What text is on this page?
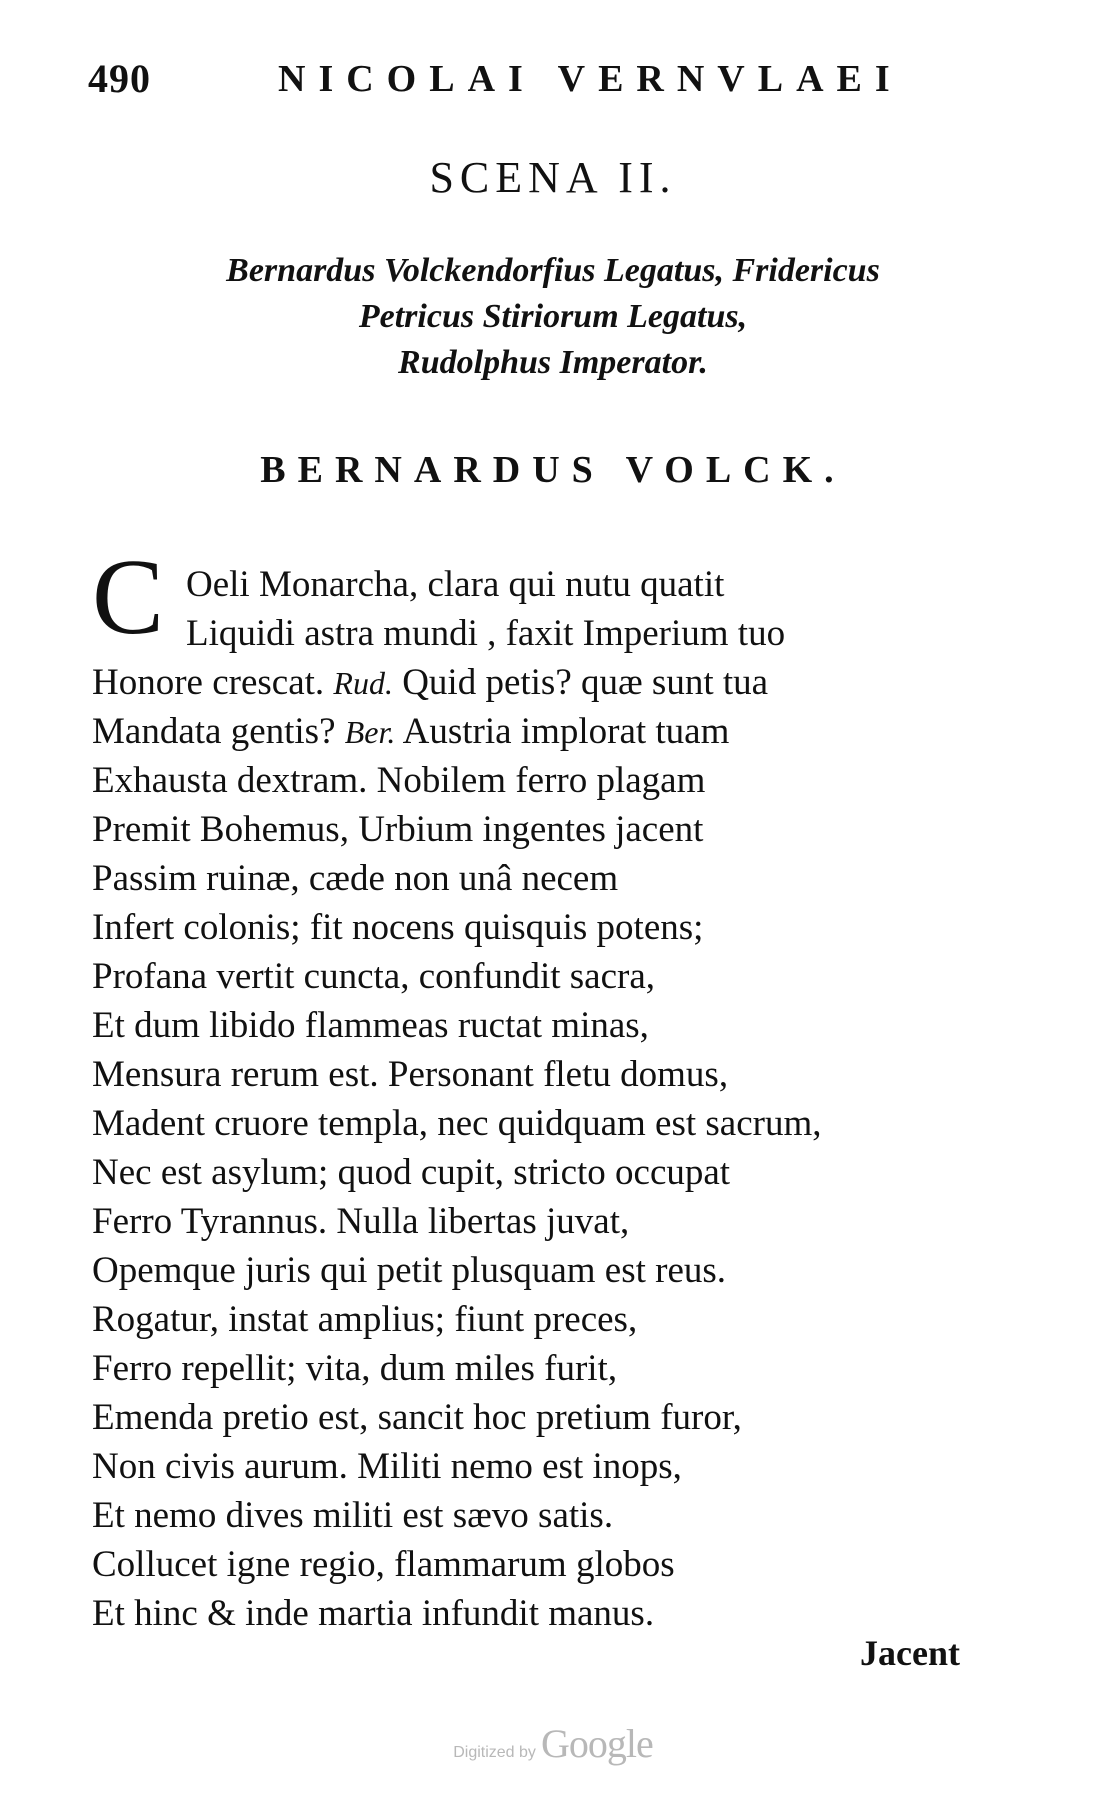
490	NICOLAI VERNVLAEI
SCENA II.
Bernardus Volckendorfius Legatus, Fridericus
Petricus Stiriorum Legatus,
Rudolphus Imperator.
BERNARDUS VOLCK.
C Oeli Monarcha, clara qui nutu quatit
Liquidi astra mundi , faxit Imperium tuo
Honore crescat. Rud. Quid petis? quæ sunt tua
Mandata gentis? Ber. Austria implorat tuam
Exhausta dextram. Nobilem ferro plagam
Premit Bohemus, Urbium ingentes jacent
Passim ruinæ, cæde non unâ necem
Infert colonis; fit nocens quisquis potens;
Profana vertit cuncta, confundit sacra,
Et dum libido flammeas ructat minas,
Mensura rerum est. Personant fletu domus,
Madent cruore templa, nec quidquam est sacrum,
Nec est asylum; quod cupit, stricto occupat
Ferro Tyrannus. Nulla libertas juvat,
Opemque juris qui petit plusquam est reus.
Rogatur, instat amplius; fiunt preces,
Ferro repellit; vita, dum miles furit,
Emenda pretio est, sancit hoc pretium furor,
Non civis aurum. Militi nemo est inops,
Et nemo dives militi est sævo satis.
Collucet igne regio, flammarum globos
Et hinc & inde martia infundit manus.
Jacent
Digitized by Google
